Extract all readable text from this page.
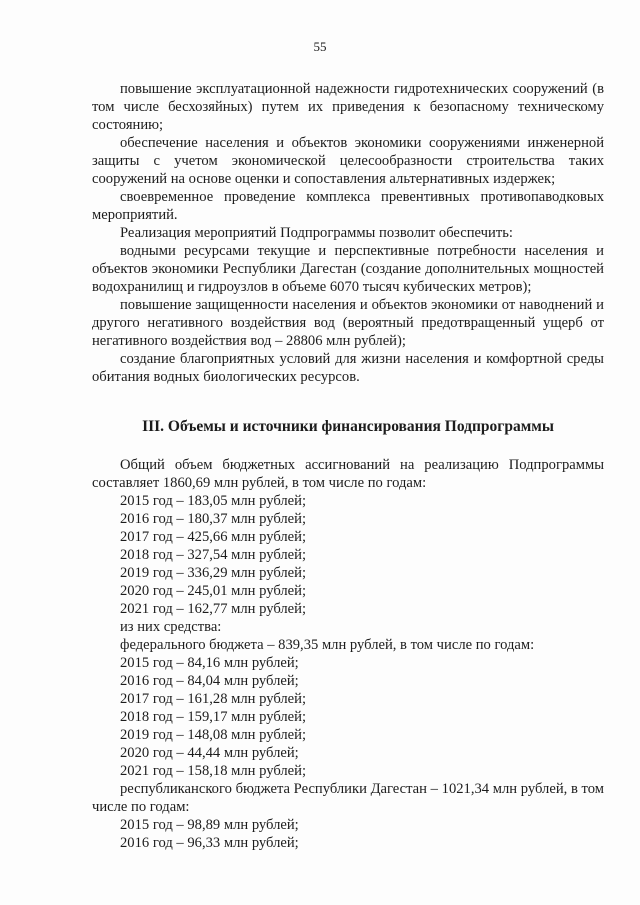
55

повышение эксплуатационной надежности гидротехнических сооружений (в том числе бесхозяйных) путем их приведения к безопасному техническому состоянию;

обеспечение населения и объектов экономики сооружениями инженерной защиты с учетом экономической целесообразности строительства таких сооружений на основе оценки и сопоставления альтернативных издержек;

своевременное проведение комплекса превентивных противопаводковых мероприятий.

Реализация мероприятий Подпрограммы позволит обеспечить:

водными ресурсами текущие и перспективные потребности населения и объектов экономики Республики Дагестан (создание дополнительных мощностей водохранилищ и гидроузлов в объеме 6070 тысяч кубических метров);

повышение защищенности населения и объектов экономики от наводнений и другого негативного воздействия вод (вероятный предотвращенный ущерб от негативного воздействия вод – 28806 млн рублей);

создание благоприятных условий для жизни населения и комфортной среды обитания водных биологических ресурсов.

III. Объемы и источники финансирования Подпрограммы

Общий объем бюджетных ассигнований на реализацию Подпрограммы составляет 1860,69 млн рублей, в том числе по годам:

2015 год – 183,05 млн рублей;

2016 год – 180,37 млн рублей;

2017 год – 425,66 млн рублей;

2018 год – 327,54 млн рублей;

2019 год – 336,29 млн рублей;

2020 год – 245,01 млн рублей;

2021 год – 162,77 млн рублей;

из них средства:

федерального бюджета – 839,35 млн рублей, в том числе по годам:

2015 год – 84,16 млн рублей;

2016 год – 84,04 млн рублей;

2017 год – 161,28 млн рублей;

2018 год – 159,17 млн рублей;

2019 год – 148,08 млн рублей;

2020 год – 44,44 млн рублей;

2021 год – 158,18 млн рублей;

республиканского бюджета Республики Дагестан – 1021,34 млн рублей, в том числе по годам:

2015 год – 98,89 млн рублей;

2016 год – 96,33 млн рублей;
